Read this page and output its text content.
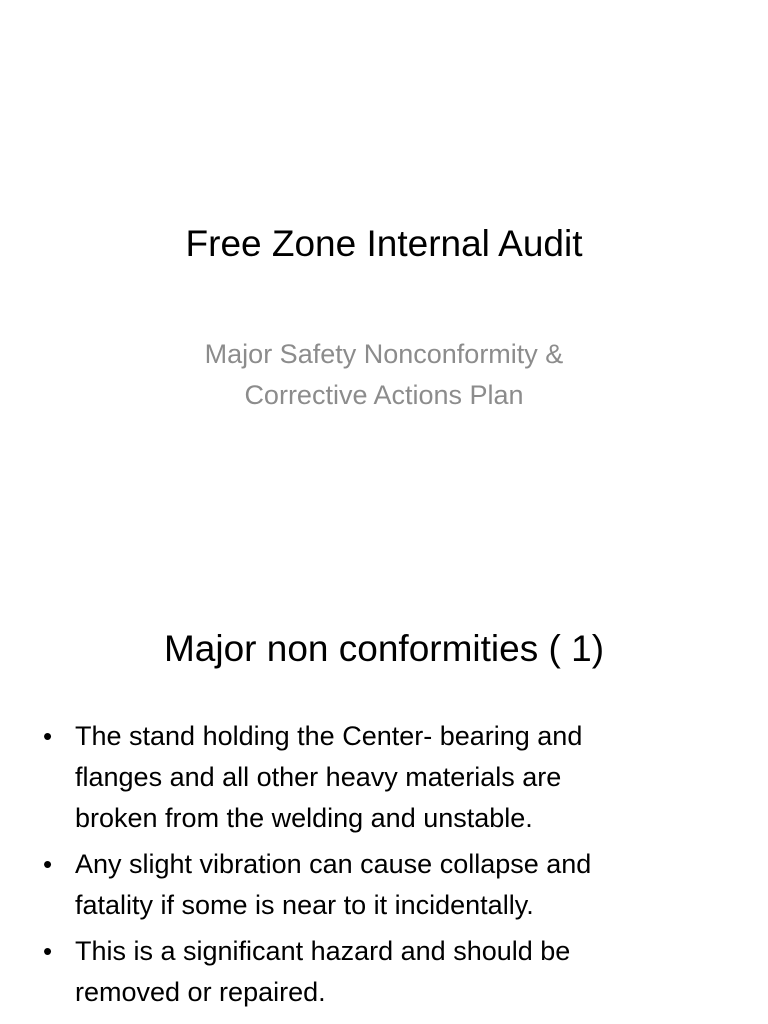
Free Zone Internal Audit
Major Safety Nonconformity &
Corrective Actions Plan
Major non conformities ( 1)
• The stand holding the Center- bearing and
flanges and all other heavy materials are
broken from the welding and unstable.
• Any slight vibration can cause collapse and
fatality if some is near to it incidentally.
• This is a significant hazard and should be
removed or repaired.
